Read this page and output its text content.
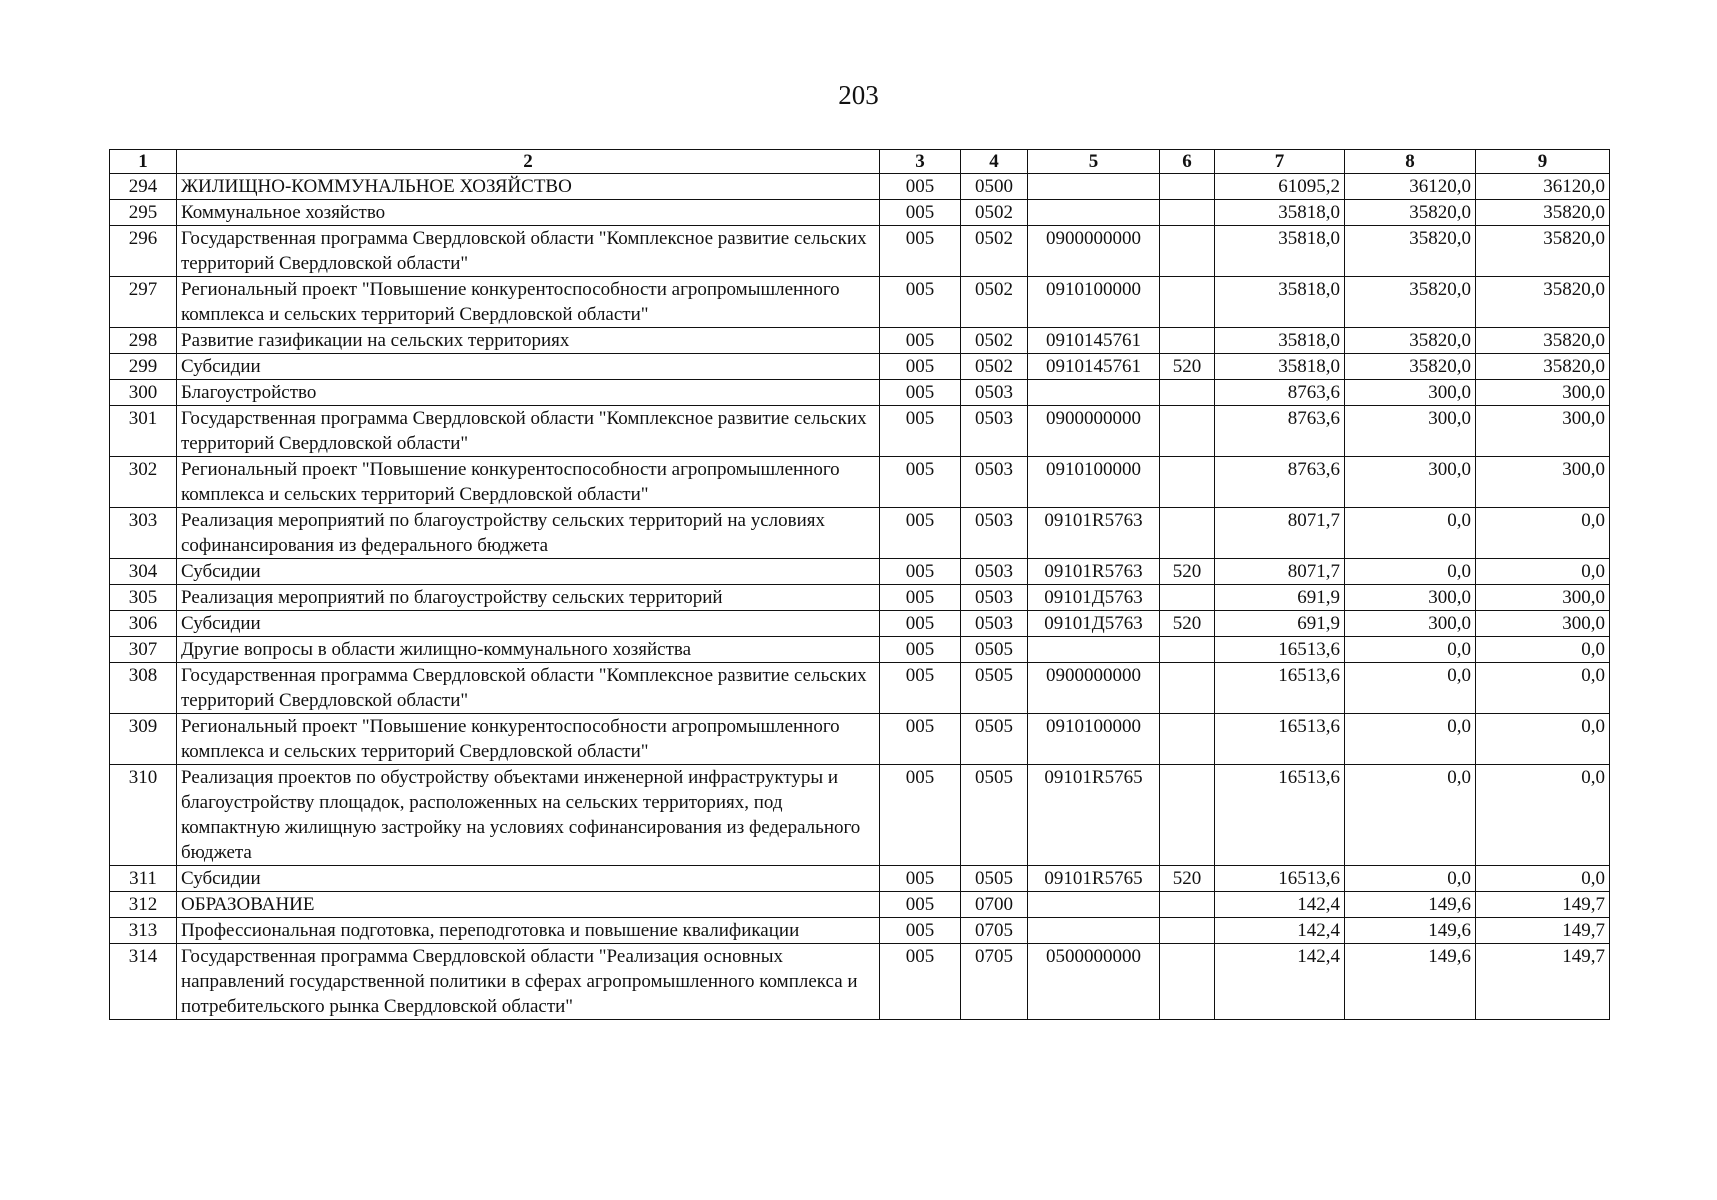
203
1	2	3	4	5	6	7	8	9
294	ЖИЛИЩНО-КОММУНАЛЬНОЕ ХОЗЯЙСТВО	005	0500			61095,2	36120,0	36120,0
295	Коммунальное хозяйство	005	0502			35818,0	35820,0	35820,0
296	Государственная программа Свердловской области "Комплексное развитие сельских территорий Свердловской области"	005	0502	0900000000		35818,0	35820,0	35820,0
297	Региональный проект "Повышение конкурентоспособности агропромышленного комплекса и сельских территорий Свердловской области"	005	0502	0910100000		35818,0	35820,0	35820,0
298	Развитие газификации на сельских территориях	005	0502	0910145761		35818,0	35820,0	35820,0
299	Субсидии	005	0502	0910145761	520	35818,0	35820,0	35820,0
300	Благоустройство	005	0503			8763,6	300,0	300,0
301	Государственная программа Свердловской области "Комплексное развитие сельских территорий Свердловской области"	005	0503	0900000000		8763,6	300,0	300,0
302	Региональный проект "Повышение конкурентоспособности агропромышленного комплекса и сельских территорий Свердловской области"	005	0503	0910100000		8763,6	300,0	300,0
303	Реализация мероприятий по благоустройству сельских территорий на условиях софинансирования из федерального бюджета	005	0503	09101R5763		8071,7	0,0	0,0
304	Субсидии	005	0503	09101R5763	520	8071,7	0,0	0,0
305	Реализация мероприятий по благоустройству сельских территорий	005	0503	09101Д5763		691,9	300,0	300,0
306	Субсидии	005	0503	09101Д5763	520	691,9	300,0	300,0
307	Другие вопросы в области жилищно-коммунального хозяйства	005	0505			16513,6	0,0	0,0
308	Государственная программа Свердловской области "Комплексное развитие сельских территорий Свердловской области"	005	0505	0900000000		16513,6	0,0	0,0
309	Региональный проект "Повышение конкурентоспособности агропромышленного комплекса и сельских территорий Свердловской области"	005	0505	0910100000		16513,6	0,0	0,0
310	Реализация проектов по обустройству объектами инженерной инфраструктуры и благоустройству площадок, расположенных на сельских территориях, под компактную жилищную застройку на условиях софинансирования из федерального бюджета	005	0505	09101R5765		16513,6	0,0	0,0
311	Субсидии	005	0505	09101R5765	520	16513,6	0,0	0,0
312	ОБРАЗОВАНИЕ	005	0700			142,4	149,6	149,7
313	Профессиональная подготовка, переподготовка и повышение квалификации	005	0705			142,4	149,6	149,7
314	Государственная программа Свердловской области "Реализация основных направлений государственной политики в сферах агропромышленного комплекса и потребительского рынка Свердловской области"	005	0705	0500000000		142,4	149,6	149,7
